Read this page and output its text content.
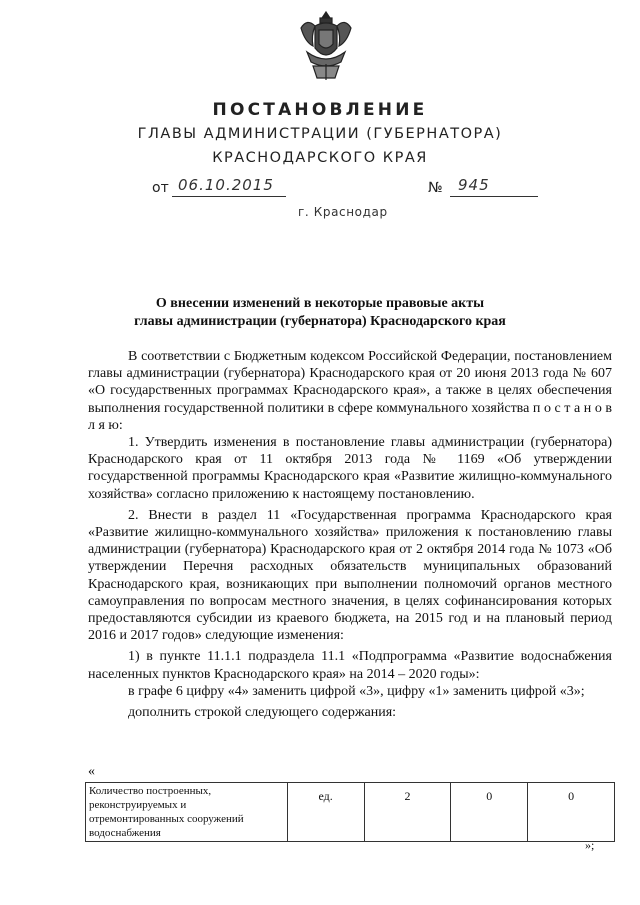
ПОСТАНОВЛЕНИЕ
ГЛАВЫ АДМИНИСТРАЦИИ (ГУБЕРНАТОРА)
КРАСНОДАРСКОГО КРАЯ
от 06.10.2015	№ 945
г. Краснодар
О внесении изменений в некоторые правовые акты
главы администрации (губернатора) Краснодарского края

В соответствии с Бюджетным кодексом Российской Федерации, постановлением главы администрации (губернатора) Краснодарского края от 20 июня 2013 года № 607 «О государственных программах Краснодарского края», а также в целях обеспечения выполнения государственной политики в сфере коммунального хозяйства п о с т а н о в л я ю:

1. Утвердить изменения в постановление главы администрации (губернатора) Краснодарского края от 11 октября 2013 года № 1169 «Об утверждении государственной программы Краснодарского края «Развитие жилищно-коммунального хозяйства» согласно приложению к настоящему постановлению.

2. Внести в раздел 11 «Государственная программа Краснодарского края «Развитие жилищно-коммунального хозяйства» приложения к постановлению главы администрации (губернатора) Краснодарского края от 2 октября 2014 года № 1073 «Об утверждении Перечня расходных обязательств муниципальных образований Краснодарского края, возникающих при выполнении полномочий органов местного самоуправления по вопросам местного значения, в целях софинансирования которых предоставляются субсидии из краевого бюджета, на 2015 год и на плановый период 2016 и 2017 годов» следующие изменения:

1) в пункте 11.1.1 подраздела 11.1 «Подпрограмма «Развитие водоснабжения населенных пунктов Краснодарского края» на 2014 – 2020 годы»:

в графе 6 цифру «4» заменить цифрой «3», цифру «1» заменить цифрой «3»;

дополнить строкой следующего содержания:

«
Количество построенных, реконструируемых и отремонтированных сооружений водоснабжения	ед.	2	0	0
»;
